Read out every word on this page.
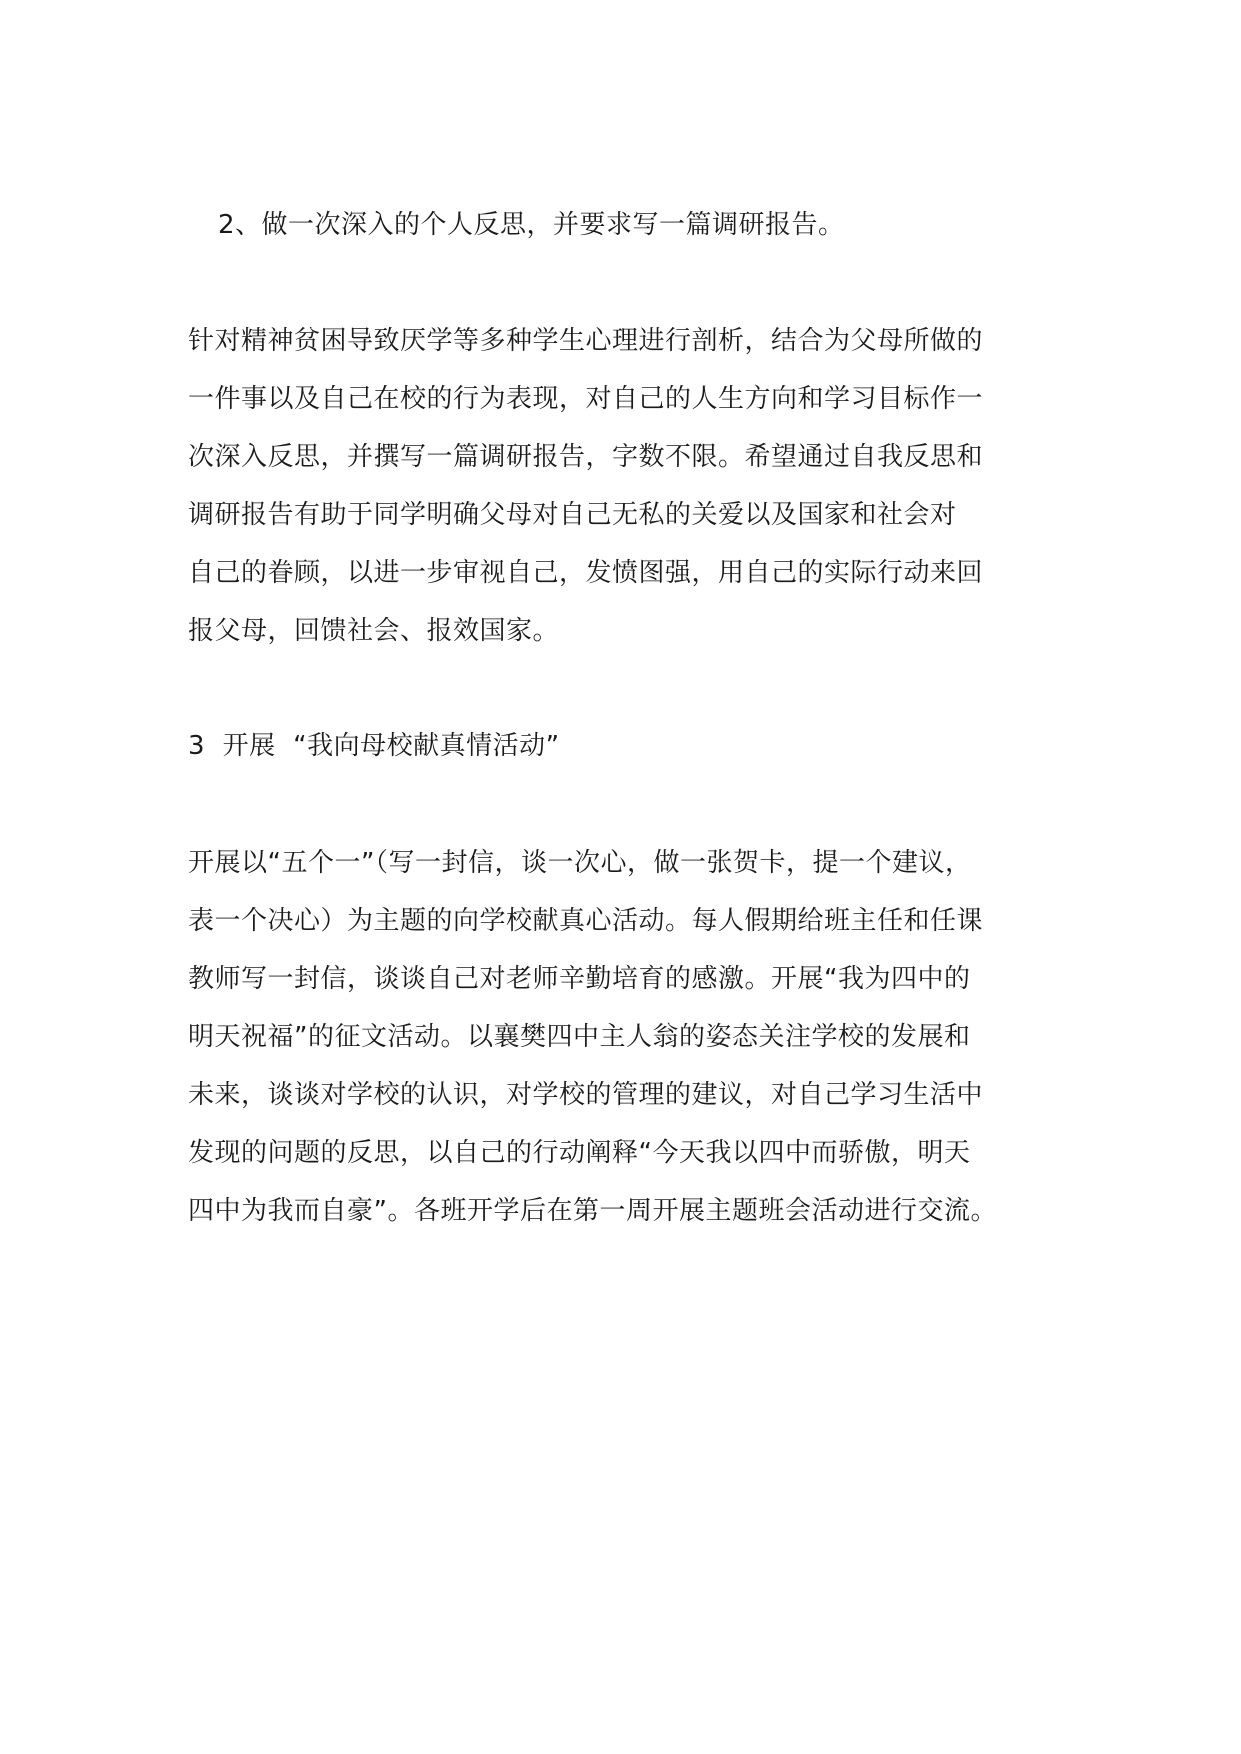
2、做一次深入的个人反思，并要求写一篇调研报告。
针对精神贫困导致厌学等多种学生心理进行剖析，结合为父母所做的
一件事以及自己在校的行为表现，对自己的人生方向和学习目标作一
次深入反思，并撰写一篇调研报告，字数不限。希望通过自我反思和
调研报告有助于同学明确父母对自己无私的关爱以及国家和社会对
自己的眷顾，以进一步审视自己，发愤图强，用自己的实际行动来回
报父母，回馈社会、报效国家。
3  开展  “我向母校献真情活动”
开展以“五个一”（写一封信，谈一次心，做一张贺卡，提一个建议，
表一个决心）为主题的向学校献真心活动。每人假期给班主任和任课
教师写一封信，谈谈自己对老师辛勤培育的感激。开展“我为四中的
明天祝福”的征文活动。以襄樊四中主人翁的姿态关注学校的发展和
未来，谈谈对学校的认识，对学校的管理的建议，对自己学习生活中
发现的问题的反思，以自己的行动阐释“今天我以四中而骄傲，明天
四中为我而自豪”。各班开学后在第一周开展主题班会活动进行交流。
